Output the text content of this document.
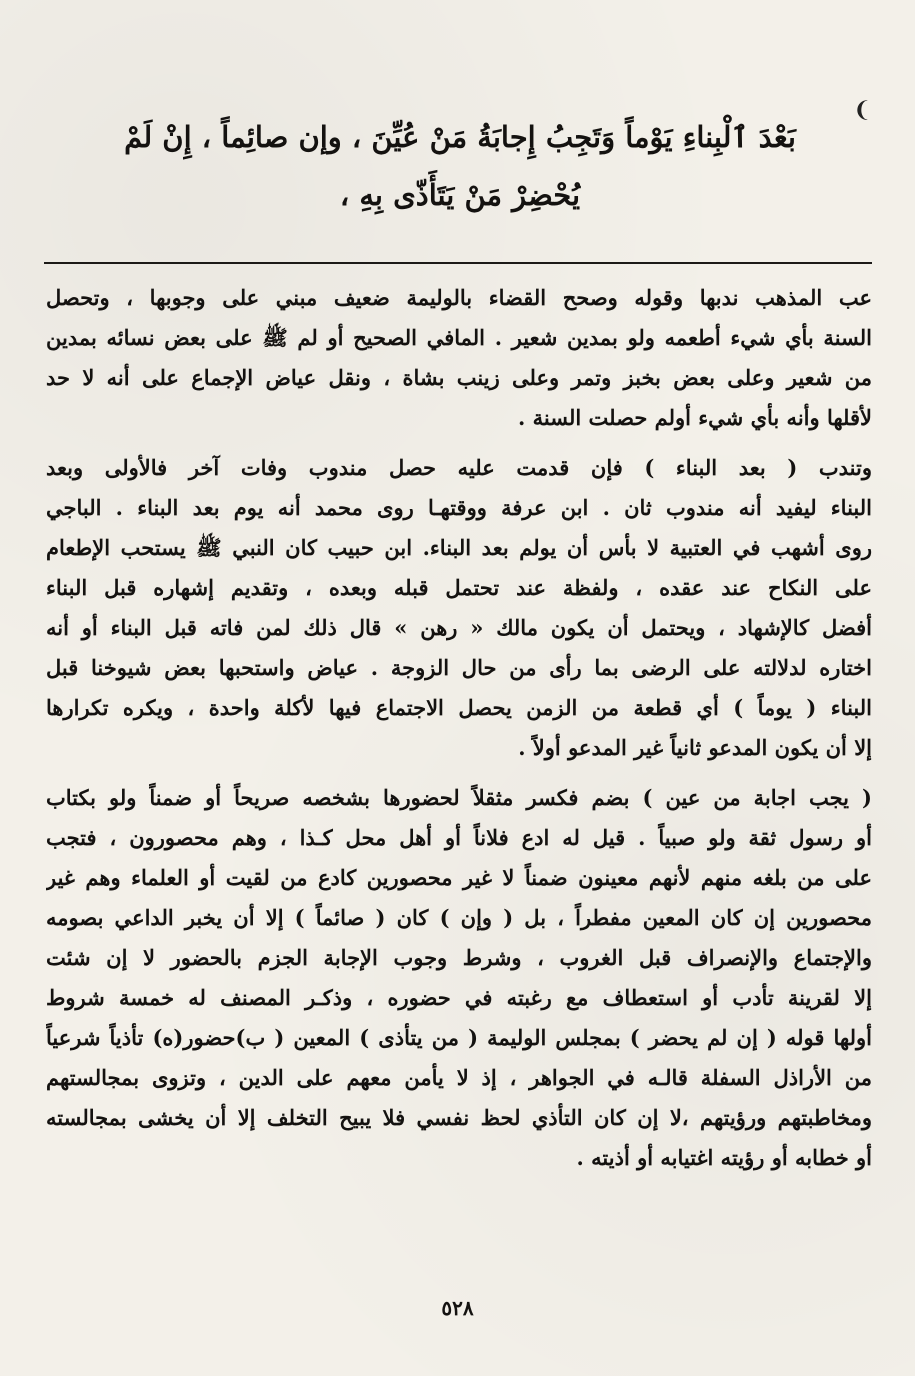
❨
بَعْدَ ٱلْبِناءِ يَوْماً وَتَجِبُ إِجابَةُ مَنْ عُيِّنَ ، وإن صائِماً ، إِنْ لَمْ
يُحْضِرْ مَنْ يَتَأَذّى بِهِ ،
عب المذهب ندبها وقوله وصحح القضاء بالوليمة ضعيف مبني على وجوبها ، وتحصل
السنة بأي شيء أطعمه ولو بمدين شعير . المافي الصحيح أو لم ﷺ على بعض نسائه بمدين
من شعير وعلى بعض بخبز وتمر وعلى زينب بشاة ، ونقل عياض الإجماع على أنه لا حد
لأقلها وأنه بأي شيء أولم حصلت السنة .
وتندب ( بعد البناء ) فإن قدمت عليه حصل مندوب وفات آخر فالأولى وبعد
البناء ليفيد أنه مندوب ثان . ابن عرفة ووقتهـا روى محمد أنه يوم بعد البناء . الباجي
روى أشهب في العتبية لا بأس أن يولم بعد البناء. ابن حبيب كان النبي ﷺ يستحب الإطعام
على النكاح عند عقده ، ولفظة عند تحتمل قبله وبعده ، وتقديم إشهاره قبل البناء
أفضل كالإشهاد ، ويحتمل أن يكون مالك « رهن » قال ذلك لمن فاته قبل البناء أو أنه
اختاره لدلالته على الرضى بما رأى من حال الزوجة . عياض واستحبها بعض شيوخنا قبل
البناء ( يوماً ) أي قطعة من الزمن يحصل الاجتماع فيها لأكلة واحدة ، ويكره تكرارها
إلا أن يكون المدعو ثانياً غير المدعو أولاً .
( يجب اجابة من عين ) بضم فكسر مثقلاً لحضورها بشخصه صريحاً أو ضمناً ولو بكتاب
أو رسول ثقة ولو صبياً . قيل له ادع فلاناً أو أهل محل كـذا ، وهم محصورون ، فتجب
على من بلغه منهم لأنهم معينون ضمناً لا غير محصورين كادع من لقيت أو العلماء وهم غير
محصورين إن كان المعين مفطراً ، بل ( وإن ) كان ( صائماً ) إلا أن يخبر الداعي بصومه
والإجتماع والإنصراف قبل الغروب ، وشرط وجوب الإجابة الجزم بالحضور لا إن شئت
إلا لقرينة تأدب أو استعطاف مع رغبته في حضوره ، وذكـر المصنف له خمسة شروط
أولها قوله ( إن لم يحضر ) بمجلس الوليمة ( من يتأذى ) المعين ( ب)حضور(ه) تأذياً شرعياً
من الأراذل السفلة قالـه في الجواهر ، إذ لا يأمن معهم على الدين ، وتزوى بمجالستهم
ومخاطبتهم ورؤيتهم ،لا إن كان التأذي لحظ نفسي فلا يبيح التخلف إلا أن يخشى بمجالسته
أو خطابه أو رؤيته اغتيابه أو أذيته .
٥٢٨
